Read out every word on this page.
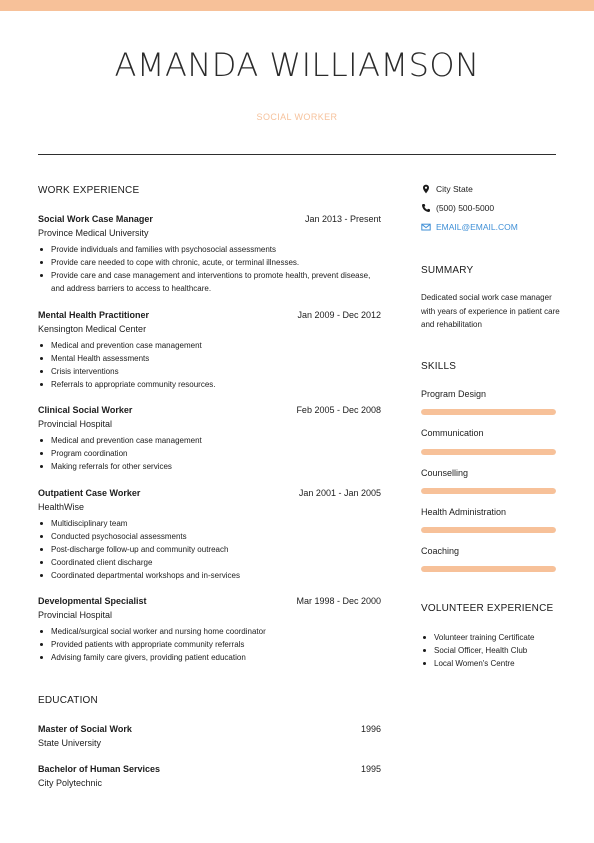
AMANDA WILLIAMSON
SOCIAL WORKER
WORK EXPERIENCE
Social Work Case Manager	Jan 2013 - Present
Province Medical University
Provide individuals and families with psychosocial assessments
Provide care needed to cope with chronic, acute, or terminal illnesses.
Provide care and case management and interventions to promote health, prevent disease, and address barriers to access to healthcare.
Mental Health Practitioner	Jan 2009 - Dec 2012
Kensington Medical Center
Medical and prevention case management
Mental Health assessments
Crisis interventions
Referrals to appropriate community resources.
Clinical Social Worker	Feb 2005 - Dec 2008
Provincial Hospital
Medical and prevention case management
Program coordination
Making referrals for other services
Outpatient Case Worker	Jan 2001 - Jan 2005
HealthWise
Multidisciplinary team
Conducted psychosocial assessments
Post-discharge follow-up and community outreach
Coordinated client discharge
Coordinated departmental workshops and in-services
Developmental Specialist	Mar 1998 - Dec 2000
Provincial Hospital
Medical/surgical social worker and nursing home coordinator
Provided patients with appropriate community referrals
Advising family care givers, providing patient education
EDUCATION
Master of Social Work	1996
State University
Bachelor of Human Services	1995
City Polytechnic
City State
(500) 500-5000
EMAIL@EMAIL.COM
SUMMARY
Dedicated social work case manager with years of experience in patient care and rehabilitation
SKILLS
Program Design
Communication
Counselling
Health Administration
Coaching
VOLUNTEER EXPERIENCE
Volunteer training Certificate
Social Officer, Health Club
Local Women's Centre
